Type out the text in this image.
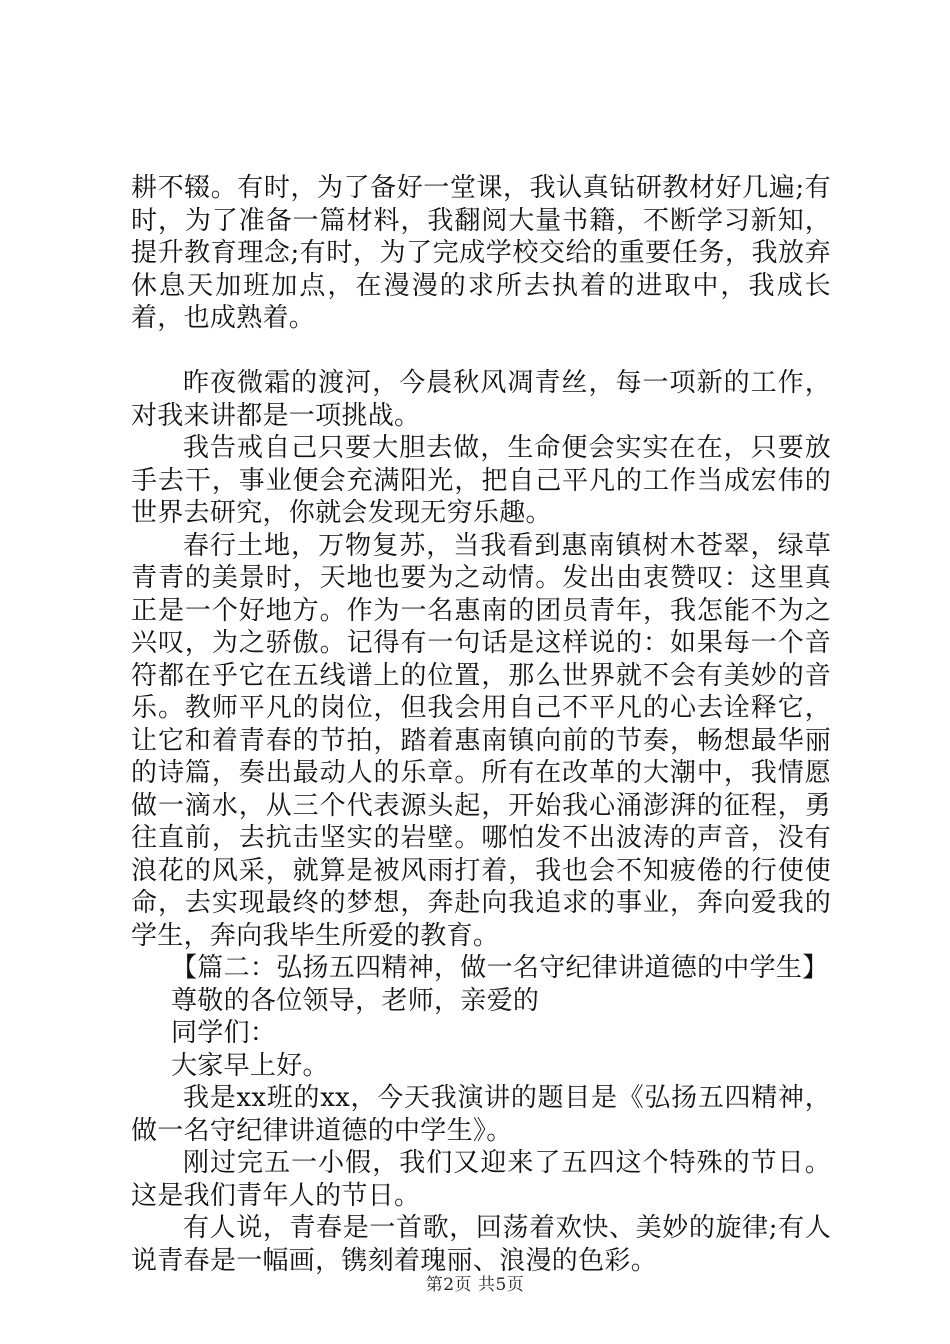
耕不辍。有时，为了备好一堂课，我认真钻研教材好几遍;有时，为了准备一篇材料，我翻阅大量书籍，不断学习新知，提升教育理念;有时，为了完成学校交给的重要任务，我放弃休息天加班加点，在漫漫的求所去执着的进取中，我成长着，也成熟着。

昨夜微霜的渡河，今晨秋风凋青丝，每一项新的工作，对我来讲都是一项挑战。

我告戒自己只要大胆去做，生命便会实实在在，只要放手去干，事业便会充满阳光，把自己平凡的工作当成宏伟的世界去研究，你就会发现无穷乐趣。

春行土地，万物复苏，当我看到惠南镇树木苍翠，绿草青青的美景时，天地也要为之动情。发出由衷赞叹：这里真正是一个好地方。作为一名惠南的团员青年，我怎能不为之兴叹，为之骄傲。记得有一句话是这样说的：如果每一个音符都在乎它在五线谱上的位置，那么世界就不会有美妙的音乐。教师平凡的岗位，但我会用自己不平凡的心去诠释它，让它和着青春的节拍，踏着惠南镇向前的节奏，畅想最华丽的诗篇，奏出最动人的乐章。所有在改革的大潮中，我情愿做一滴水，从三个代表源头起，开始我心涌澎湃的征程，勇往直前，去抗击坚实的岩壁。哪怕发不出波涛的声音，没有浪花的风采，就算是被风雨打着，我也会不知疲倦的行使使命，去实现最终的梦想，奔赴向我追求的事业，奔向爱我的学生，奔向我毕生所爱的教育。

【篇二：弘扬五四精神，做一名守纪律讲道德的中学生】

尊敬的各位领导，老师，亲爱的

同学们：

大家早上好。

我是xx班的xx，今天我演讲的题目是《弘扬五四精神，做一名守纪律讲道德的中学生》。

刚过完五一小假，我们又迎来了五四这个特殊的节日。这是我们青年人的节日。

有人说，青春是一首歌，回荡着欢快、美妙的旋律;有人说青春是一幅画，镌刻着瑰丽、浪漫的色彩。

第2页 共5页
